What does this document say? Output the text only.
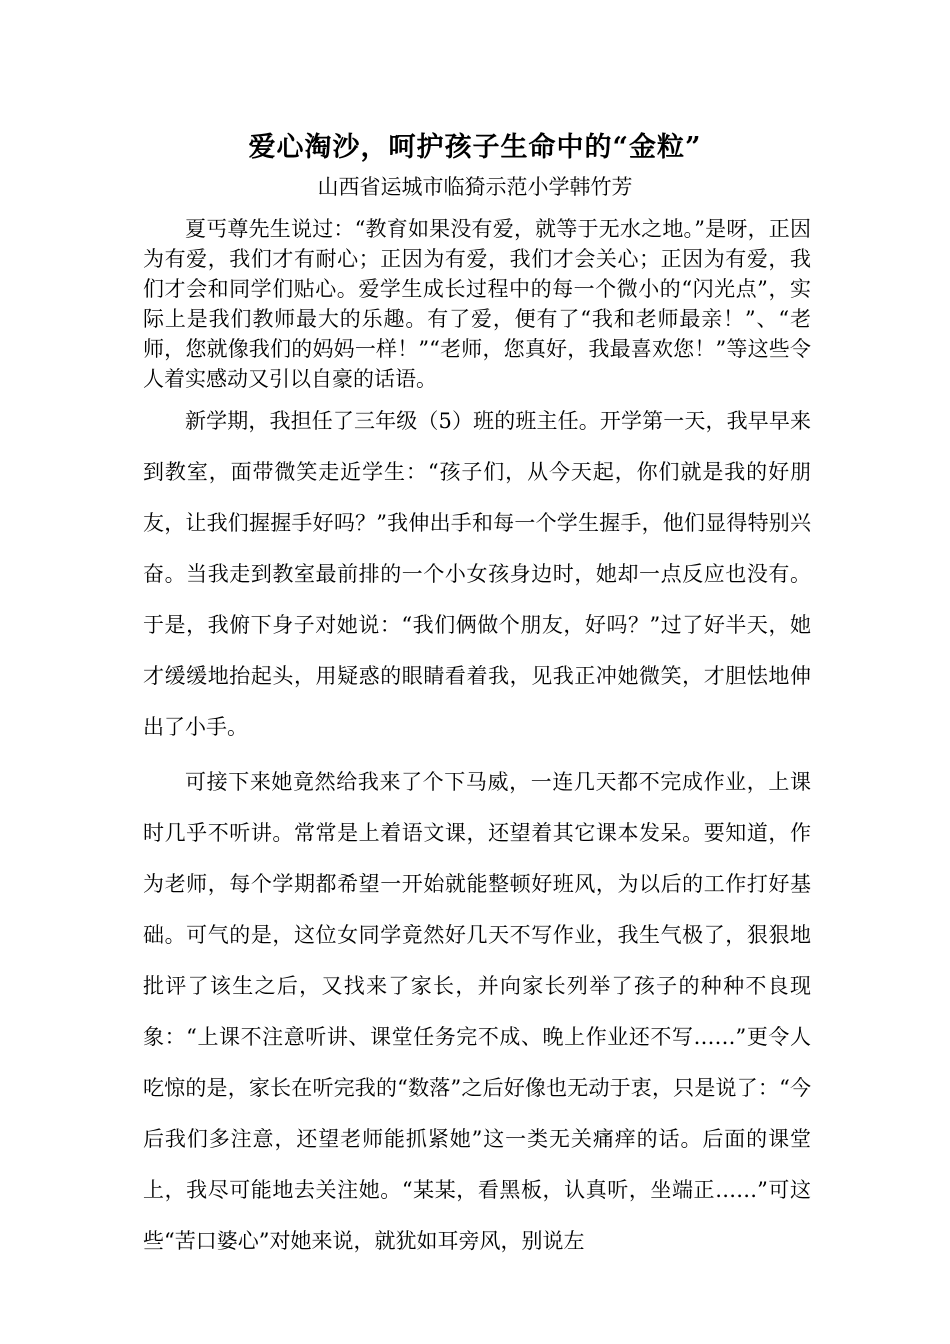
爱心淘沙，呵护孩子生命中的“金粒”
山西省运城市临猗示范小学韩竹芳

夏丐尊先生说过：“教育如果没有爱，就等于无水之地。”是呀，正因为有爱，我们才有耐心；正因为有爱，我们才会关心；正因为有爱，我们才会和同学们贴心。爱学生成长过程中的每一个微小的“闪光点”，实际上是我们教师最大的乐趣。有了爱，便有了“我和老师最亲！”、“老师，您就像我们的妈妈一样！”“老师，您真好，我最喜欢您！”等这些令人着实感动又引以自豪的话语。

新学期，我担任了三年级（5）班的班主任。开学第一天，我早早来到教室，面带微笑走近学生：“孩子们，从今天起，你们就是我的好朋友，让我们握握手好吗？”我伸出手和每一个学生握手，他们显得特别兴奋。当我走到教室最前排的一个小女孩身边时，她却一点反应也没有。于是，我俯下身子对她说：“我们俩做个朋友，好吗？”过了好半天，她才缓缓地抬起头，用疑惑的眼睛看着我，见我正冲她微笑，才胆怯地伸出了小手。

可接下来她竟然给我来了个下马威，一连几天都不完成作业，上课时几乎不听讲。常常是上着语文课，还望着其它课本发呆。要知道，作为老师，每个学期都希望一开始就能整顿好班风，为以后的工作打好基础。可气的是，这位女同学竟然好几天不写作业，我生气极了，狠狠地批评了该生之后，又找来了家长，并向家长列举了孩子的种种不良现象：“上课不注意听讲、课堂任务完不成、晚上作业还不写……”更令人吃惊的是，家长在听完我的“数落”之后好像也无动于衷，只是说了：“今后我们多注意，还望老师能抓紧她”这一类无关痛痒的话。后面的课堂上，我尽可能地去关注她。“某某，看黑板，认真听，坐端正……”可这些“苦口婆心”对她来说，就犹如耳旁风，别说左
